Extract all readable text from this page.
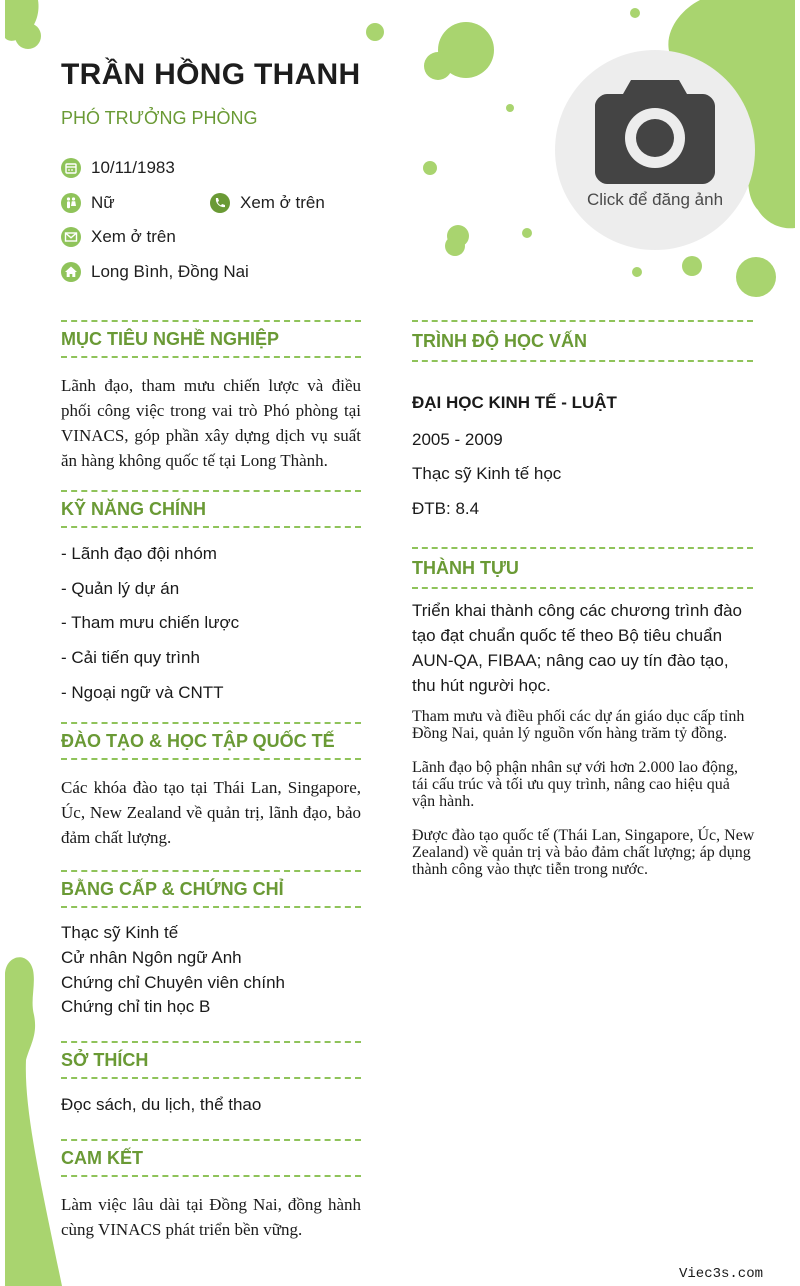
TRẦN HỒNG THANH
PHÓ TRƯỞNG PHÒNG
10/11/1983
Nữ	Xem ở trên
Xem ở trên
Long Bình, Đồng Nai
Click để đăng ảnh
MỤC TIÊU NGHỀ NGHIỆP
Lãnh đạo, tham mưu chiến lược và điều phối công việc trong vai trò Phó phòng tại VINACS, góp phần xây dựng dịch vụ suất ăn hàng không quốc tế tại Long Thành.
KỸ NĂNG CHÍNH
- Lãnh đạo đội nhóm
- Quản lý dự án
- Tham mưu chiến lược
- Cải tiến quy trình
- Ngoại ngữ và CNTT
ĐÀO TẠO & HỌC TẬP QUỐC TẾ
Các khóa đào tạo tại Thái Lan, Singapore, Úc, New Zealand về quản trị, lãnh đạo, bảo đảm chất lượng.
BẰNG CẤP & CHỨNG CHỈ
Thạc sỹ Kinh tế
Cử nhân Ngôn ngữ Anh
Chứng chỉ Chuyên viên chính
Chứng chỉ tin học B
SỞ THÍCH
Đọc sách, du lịch, thể thao
CAM KẾT
Làm việc lâu dài tại Đồng Nai, đồng hành cùng VINACS phát triển bền vững.
TRÌNH ĐỘ HỌC VẤN
ĐẠI HỌC KINH TẾ - LUẬT
2005 - 2009
Thạc sỹ Kinh tế học
ĐTB: 8.4
THÀNH TỰU
Triển khai thành công các chương trình đào tạo đạt chuẩn quốc tế theo Bộ tiêu chuẩn AUN-QA, FIBAA; nâng cao uy tín đào tạo, thu hút người học.
Tham mưu và điều phối các dự án giáo dục cấp tỉnh Đồng Nai, quản lý nguồn vốn hàng trăm tỷ đồng.
Lãnh đạo bộ phận nhân sự với hơn 2.000 lao động, tái cấu trúc và tối ưu quy trình, nâng cao hiệu quả vận hành.
Được đào tạo quốc tế (Thái Lan, Singapore, Úc, New Zealand) về quản trị và bảo đảm chất lượng; áp dụng thành công vào thực tiễn trong nước.
Viec3s.com
